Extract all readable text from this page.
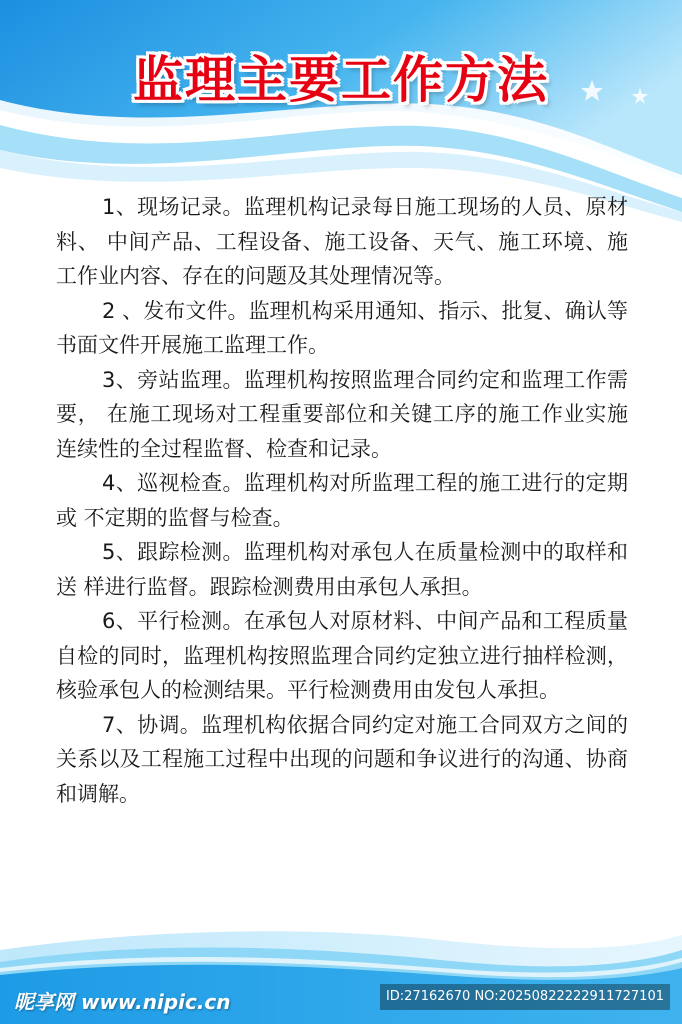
监理主要工作方法

1、现场记录。监理机构记录每日施工现场的人员、原材料、 中间产品、工程设备、施工设备、天气、施工环境、施工作业内容、存在的问题及其处理情况等。

2 、发布文件。监理机构采用通知、指示、批复、确认等书面文件开展施工监理工作。

3、旁站监理。监理机构按照监理合同约定和监理工作需要， 在施工现场对工程重要部位和关键工序的施工作业实施连续性的全过程监督、检查和记录。

4、巡视检查。监理机构对所监理工程的施工进行的定期或 不定期的监督与检查。

5、跟踪检测。监理机构对承包人在质量检测中的取样和送 样进行监督。跟踪检测费用由承包人承担。

6、平行检测。在承包人对原材料、中间产品和工程质量自检的同时，监理机构按照监理合同约定独立进行抽样检测，核验承包人的检测结果。平行检测费用由发包人承担。

7、协调。监理机构依据合同约定对施工合同双方之间的关系以及工程施工过程中出现的问题和争议进行的沟通、协商和调解。

昵享网 www.nipic.cn	ID:27162670 NO:20250822222911727101
